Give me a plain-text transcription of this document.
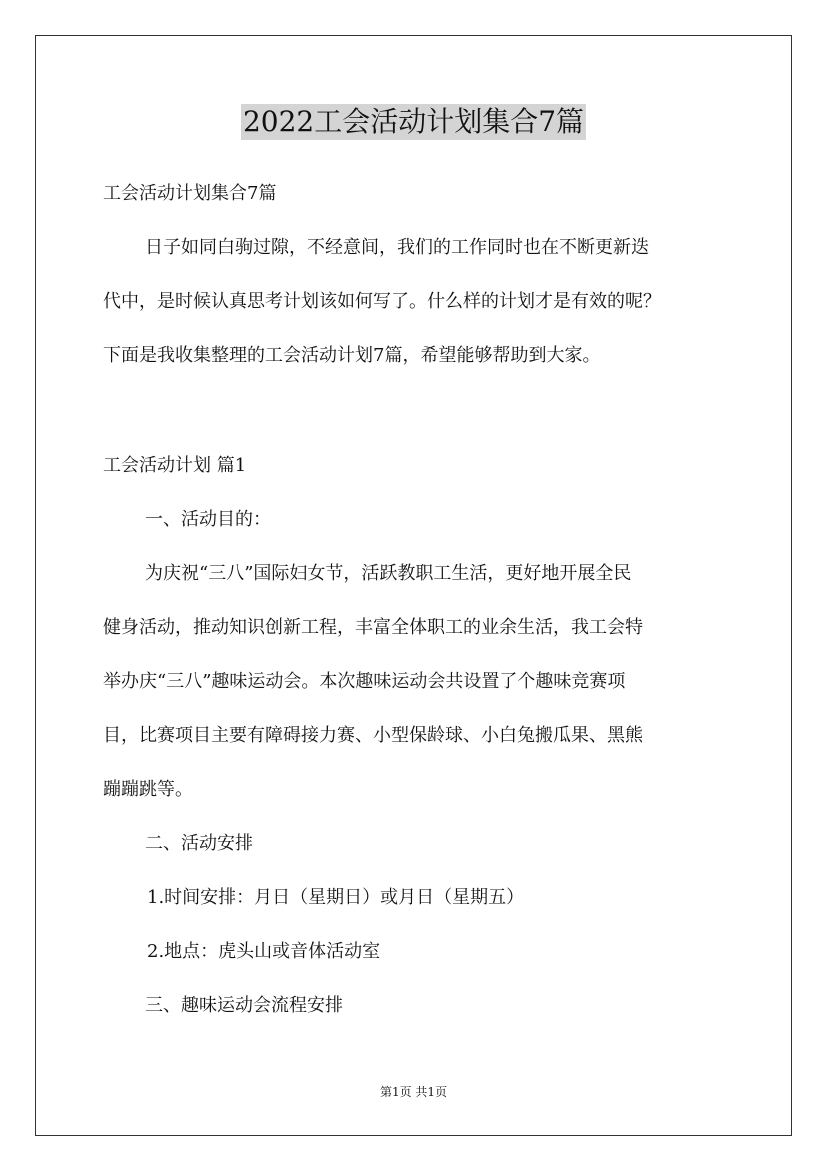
2022工会活动计划集合7篇
工会活动计划集合7篇
日子如同白驹过隙，不经意间，我们的工作同时也在不断更新迭
代中，是时候认真思考计划该如何写了。什么样的计划才是有效的呢？
下面是我收集整理的工会活动计划7篇，希望能够帮助到大家。
工会活动计划 篇1
一、活动目的：
为庆祝“三八”国际妇女节，活跃教职工生活，更好地开展全民
健身活动，推动知识创新工程，丰富全体职工的业余生活，我工会特
举办庆“三八”趣味运动会。本次趣味运动会共设置了个趣味竞赛项
目，比赛项目主要有障碍接力赛、小型保龄球、小白兔搬瓜果、黑熊
蹦蹦跳等。
二、活动安排
1.时间安排：月日（星期日）或月日（星期五）
2.地点：虎头山或音体活动室
三、趣味运动会流程安排
第1页 共1页
